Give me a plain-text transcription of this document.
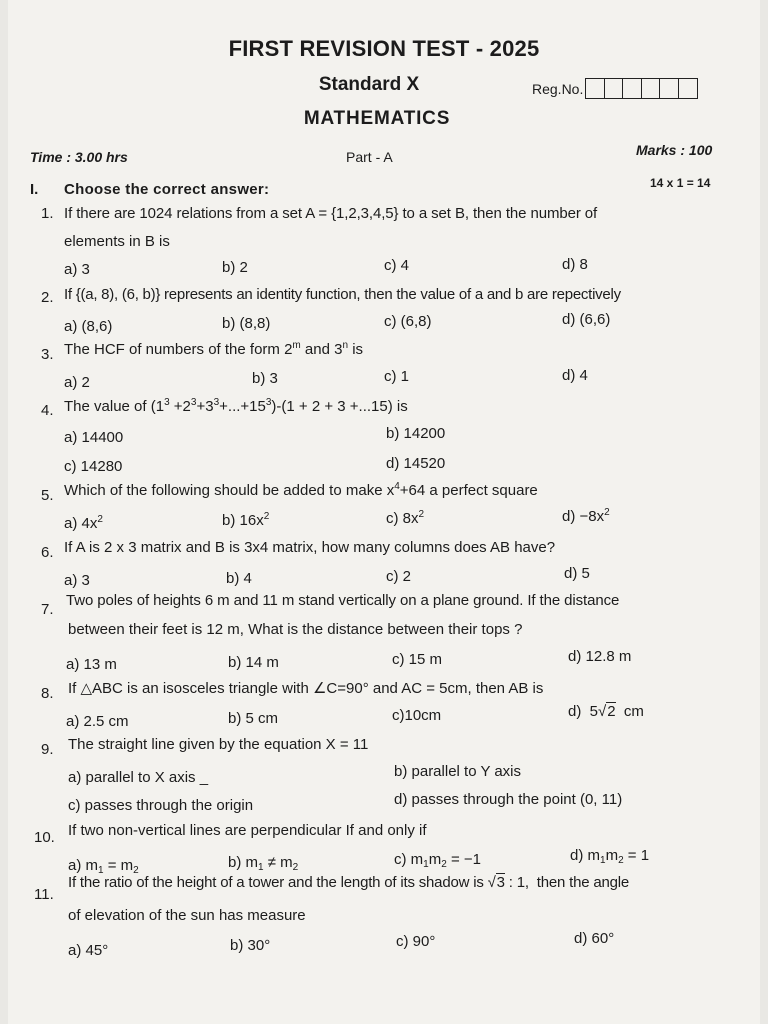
FIRST REVISION TEST - 2025
Standard X
MATHEMATICS
Reg.No.
Time : 3.00 hrs	Part - A	Marks : 100
I. Choose the correct answer:	14 x 1 = 14
1. If there are 1024 relations from a set A = {1,2,3,4,5} to a set B, then the number of
elements in B is
a) 3	b) 2	c) 4	d) 8
2. If {(a, 8), (6, b)} represents an identity function, then the value of a and b are repectively
a) (8,6)	b) (8,8)	c) (6,8)	d) (6,6)
3. The HCF of numbers of the form 2$^m$ and 3$^n$ is
a) 2	b) 3	c) 1	d) 4
4. The value of $(1^3 +2^3+3^3+...+15^3)-(1 + 2 + 3 +...15)$ is
a) 14400	b) 14200
c) 14280	d) 14520
5. Which of the following should be added to make $x^4+64$ a perfect square
a) $4x^2$	b) $16x^2$	c) $8x^2$	$d) -8x^2$
6. If A is 2 x 3 matrix and B is 3x4 matrix, how many columns does AB have?
a) 3	b) 4	c) 2	d) 5
7.
Two poles of heights 6 m and 11 m stand vertically on a plane ground. If the distance
between their feet is 12 m, What is the distance between their tops ?
a) 13 m	b) 14 m	c) 15 m	d) 12.8 m
8. If △ABC is an isosceles triangle with ∠C=90° and AC = 5cm, then AB is
a) 2.5 cm	b) 5 cm	c)10cm	d)  5√2  cm
9. The straight line given by the equation X = 11
a) parallel to X axis _	b) parallel to Y axis
c) passes through the origin	d) passes through the point (0, 11)
10. If two non-vertical lines are perpendicular If and only if
a) $m_1 = m_2$	b) $m_1 \ne m_2$	c) $m_1m_2 = -1$	d) $m_1m_2 = 1$
11.
If the ratio of the height of a tower and the length of its shadow is √3 : 1,  then the angle
of elevation of the sun has measure
a) 45°	b) 30°	c) 90°	d) 60°
